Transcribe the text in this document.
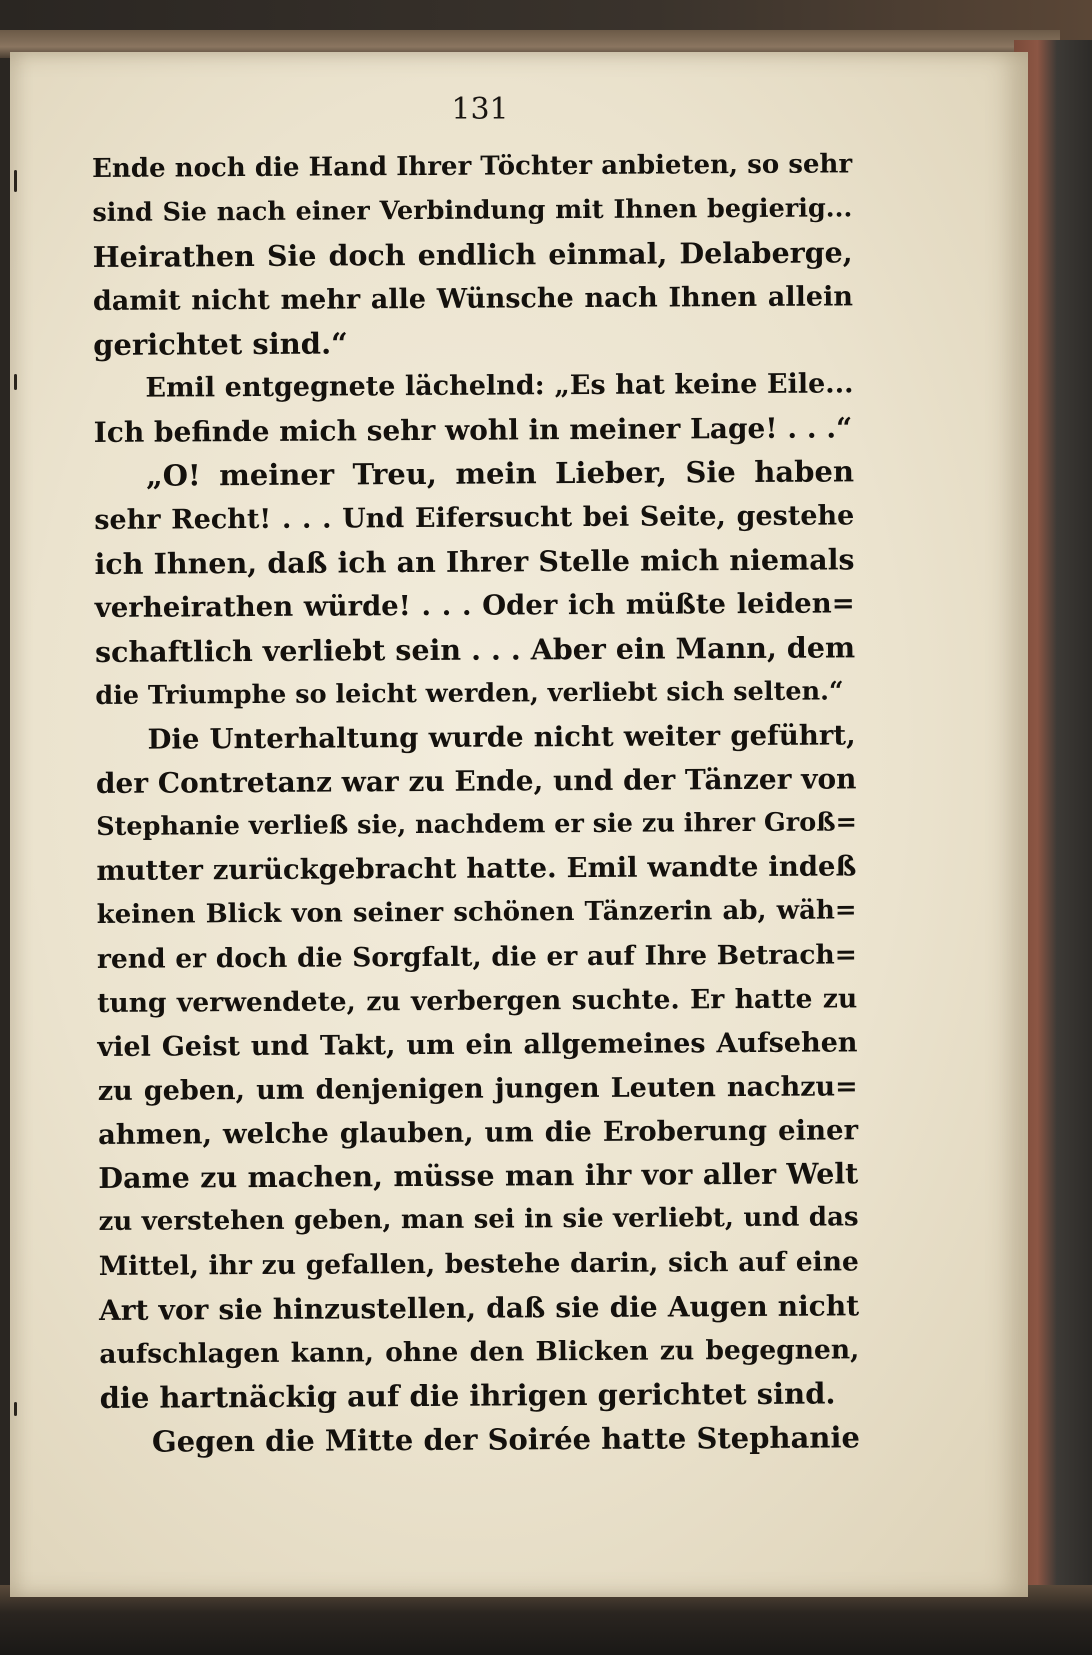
131
Ende noch die Hand Ihrer Töchter anbieten, so sehr
sind Sie nach einer Verbindung mit Ihnen begierig...
Heirathen Sie doch endlich einmal, Delaberge,
damit nicht mehr alle Wünsche nach Ihnen allein
gerichtet sind.“
Emil entgegnete lächelnd: „Es hat keine Eile...
Ich befinde mich sehr wohl in meiner Lage! . . .“
„O! meiner Treu, mein Lieber, Sie haben
sehr Recht! . . . Und Eifersucht bei Seite, gestehe
ich Ihnen, daß ich an Ihrer Stelle mich niemals
verheirathen würde! . . . Oder ich müßte leiden=
schaftlich verliebt sein . . . Aber ein Mann, dem
die Triumphe so leicht werden, verliebt sich selten.“
Die Unterhaltung wurde nicht weiter geführt,
der Contretanz war zu Ende, und der Tänzer von
Stephanie verließ sie, nachdem er sie zu ihrer Groß=
mutter zurückgebracht hatte. Emil wandte indeß
keinen Blick von seiner schönen Tänzerin ab, wäh=
rend er doch die Sorgfalt, die er auf Ihre Betrach=
tung verwendete, zu verbergen suchte. Er hatte zu
viel Geist und Takt, um ein allgemeines Aufsehen
zu geben, um denjenigen jungen Leuten nachzu=
ahmen, welche glauben, um die Eroberung einer
Dame zu machen, müsse man ihr vor aller Welt
zu verstehen geben, man sei in sie verliebt, und das
Mittel, ihr zu gefallen, bestehe darin, sich auf eine
Art vor sie hinzustellen, daß sie die Augen nicht
aufschlagen kann, ohne den Blicken zu begegnen,
die hartnäckig auf die ihrigen gerichtet sind.
Gegen die Mitte der Soirée hatte Stephanie
